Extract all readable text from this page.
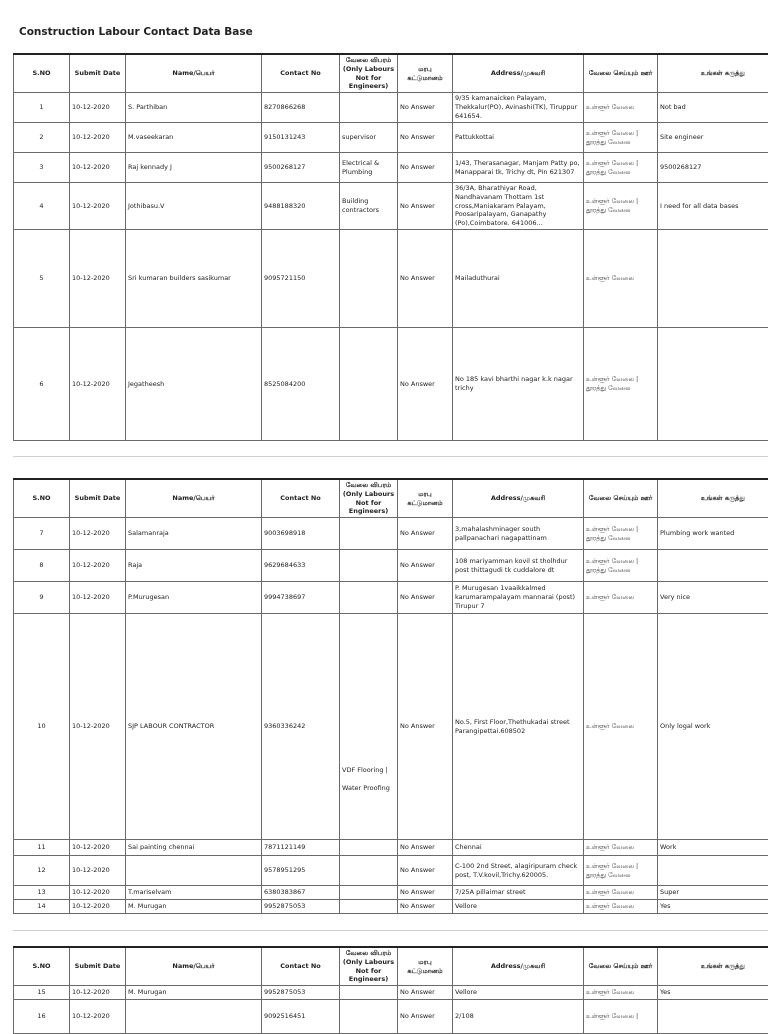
Construction Labour Contact Data Base
S.NO	Submit Date	Name/பெயர்	Contact No	வேலை விபரம்
(Only Labours Not for Engineers)	மரபு கட்டுமானம்	Address/முகவரி	வேலை செய்யும் ஊர்	உங்கள் கருத்து
1	10-12-2020	S. Parthiban	8270866268		No Answer	9/35 kamanaicken Palayam, Thekkalur(PO), Avinashi(TK), Tiruppur 641654.	உள்ளூர் வேலை	Not bad
2	10-12-2020	M.vaseekaran	9150131243	supervisor	No Answer	Pattukkottai	உள்ளூர் வேலை |
தூரத்து வேலை	Site engineer
3	10-12-2020	Raj kennady J	9500268127	Electrical &
Plumbing	No Answer	1/43, Therasanagar, Manjam Patty po, Manapparai tk, Trichy dt, Pin 621307	உள்ளூர் வேலை |
தூரத்து வேலை	9500268127
4	10-12-2020	Jothibasu.V	9488188320	Building contractors	No Answer	36/3A, Bharathiyar Road, Nandhavanam Thottam 1st cross,Maniakaram Palayam, Poosaripalayam, Ganapathy (Po),Coimbatore. 641006...	உள்ளூர் வேலை |
தூரத்து வேலை	I need for all data bases
5	10-12-2020	Sri kumaran builders sasikumar	9095721150		No Answer	Mailaduthurai	உள்ளூர் வேலை	
6	10-12-2020	Jegatheesh	8525084200		No Answer	No 185 kavi bharthi nagar k.k nagar trichy	உள்ளூர் வேலை |
தூரத்து வேலை	
S.NO	Submit Date	Name/பெயர்	Contact No	வேலை விபரம்
(Only Labours Not for Engineers)	மரபு கட்டுமானம்	Address/முகவரி	வேலை செய்யும் ஊர்	உங்கள் கருத்து
7	10-12-2020	Salamanraja	9003698918		No Answer	3,mahalashminager south pallpanachari nagapattinam	உள்ளூர் வேலை |
தூரத்து வேலை	Plumbing work wanted
8	10-12-2020	Raja	9629684633		No Answer	108 mariyamman kovil st tholhdur post thittagudi tk cuddalore dt	உள்ளூர் வேலை |
தூரத்து வேலை	
9	10-12-2020	P.Murugesan	9994738697		No Answer	P. Murugesan 1vaaikkalmed karumarampalayam mannarai (post) Tirupur 7	உள்ளூர் வேலை	Very nice
10	10-12-2020	SJP LABOUR CONTRACTOR	9360336242	

VDF Flooring |

Water Proofing	No Answer	No.5, First Floor,Thethukadai street Parangipettai.608502	உள்ளூர் வேலை	Only logal work
11	10-12-2020	Sai painting chennai	7871121149		No Answer	Chennai	உள்ளூர் வேலை	Work
12	10-12-2020		9578951295		No Answer	C-100 2nd Street, alagiripuram check post, T.V.kovil,Trichy.620005.	உள்ளூர் வேலை |
தூரத்து வேலை	
13	10-12-2020	T.mariselvam	6380383867		No Answer	7/25A pillaimar street	உள்ளூர் வேலை	Super
14	10-12-2020	M. Murugan	9952875053		No Answer	Vellore	உள்ளூர் வேலை	Yes
S.NO	Submit Date	Name/பெயர்	Contact No	வேலை விபரம்
(Only Labours Not for Engineers)	மரபு கட்டுமானம்	Address/முகவரி	வேலை செய்யும் ஊர்	உங்கள் கருத்து
15	10-12-2020	M. Murugan	9952875053		No Answer	Vellore	உள்ளூர் வேலை	Yes
16	10-12-2020		9092516451		No Answer	2/108	உள்ளூர் வேலை |	
